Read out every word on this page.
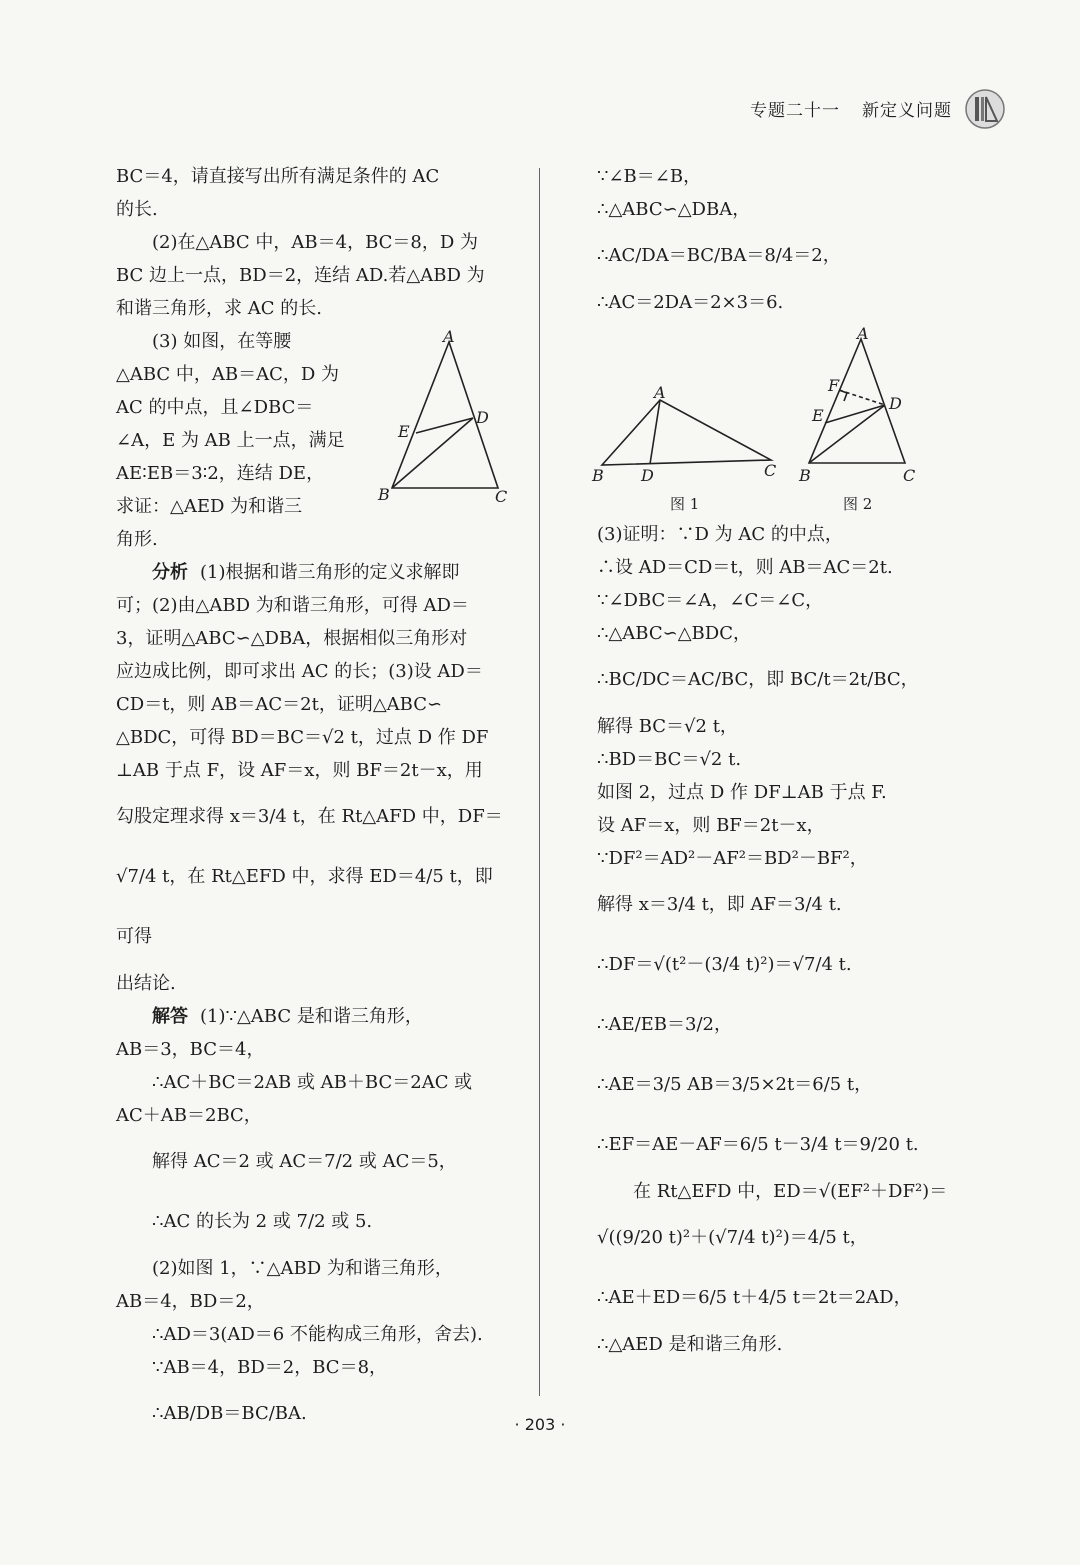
专题二十一 新定义问题

BC＝4，请直接写出所有满足条件的 AC

的长.

(2)在△ABC 中，AB＝4，BC＝8，D 为

BC 边上一点，BD＝2，连结 AD.若△ABD 为

和谐三角形，求 AC 的长.

(3) 如图，在等腰

△ABC 中，AB＝AC，D 为

AC 的中点，且∠DBC＝

∠A，E 为 AB 上一点，满足

AE∶EB＝3∶2，连结 DE，

求证：△AED 为和谐三

角形.

分析 (1)根据和谐三角形的定义求解即

可；(2)由△ABD 为和谐三角形，可得 AD＝

3，证明△ABC∽△DBA，根据相似三角形对

应边成比例，即可求出 AC 的长；(3)设 AD＝

CD＝t，则 AB＝AC＝2t，证明△ABC∽

△BDC，可得 BD＝BC＝√2 t，过点 D 作 DF

⊥AB 于点 F，设 AF＝x，则 BF＝2t－x，用

勾股定理求得 x＝3/4 t，在 Rt△AFD 中，DF＝

√7/4 t，在 Rt△EFD 中，求得 ED＝4/5 t，即可得

出结论.

解答 (1)∵△ABC 是和谐三角形，

AB＝3，BC＝4，

∴AC＋BC＝2AB 或 AB＋BC＝2AC 或

AC＋AB＝2BC，

解得 AC＝2 或 AC＝7/2 或 AC＝5，

∴AC 的长为 2 或 7/2 或 5.

(2)如图 1，∵△ABD 为和谐三角形，

AB＝4，BD＝2，

∴AD＝3(AD＝6 不能构成三角形，舍去).

∵AB＝4，BD＝2，BC＝8，

∴AB/DB＝BC/BA.

A
E
D
B	C

∵∠B＝∠B，

∴△ABC∽△DBA，

∴AC/DA＝BC/BA＝8/4＝2，

∴AC＝2DA＝2×3＝6.

A
B D	C
图 1
A
F
E
D
B	C
图 2

(3)证明：∵D 为 AC 的中点，

∴设 AD＝CD＝t，则 AB＝AC＝2t.

∵∠DBC＝∠A，∠C＝∠C，

∴△ABC∽△BDC，

∴BC/DC＝AC/BC，即 BC/t＝2t/BC，

解得 BC＝√2 t，

∴BD＝BC＝√2 t.

如图 2，过点 D 作 DF⊥AB 于点 F.

设 AF＝x，则 BF＝2t－x，

∵DF²＝AD²－AF²＝BD²－BF²，

解得 x＝3/4 t，即 AF＝3/4 t.

∴DF＝√(t²－(3/4 t)²)＝√7/4 t.

∴AE/EB＝3/2，

∴AE＝3/5 AB＝3/5×2t＝6/5 t，

∴EF＝AE－AF＝6/5 t－3/4 t＝9/20 t.

在 Rt△EFD 中，ED＝√(EF²＋DF²)＝

√((9/20 t)²＋(√7/4 t)²)＝4/5 t，

∴AE＋ED＝6/5 t＋4/5 t＝2t＝2AD，

∴△AED 是和谐三角形.

· 203 ·
